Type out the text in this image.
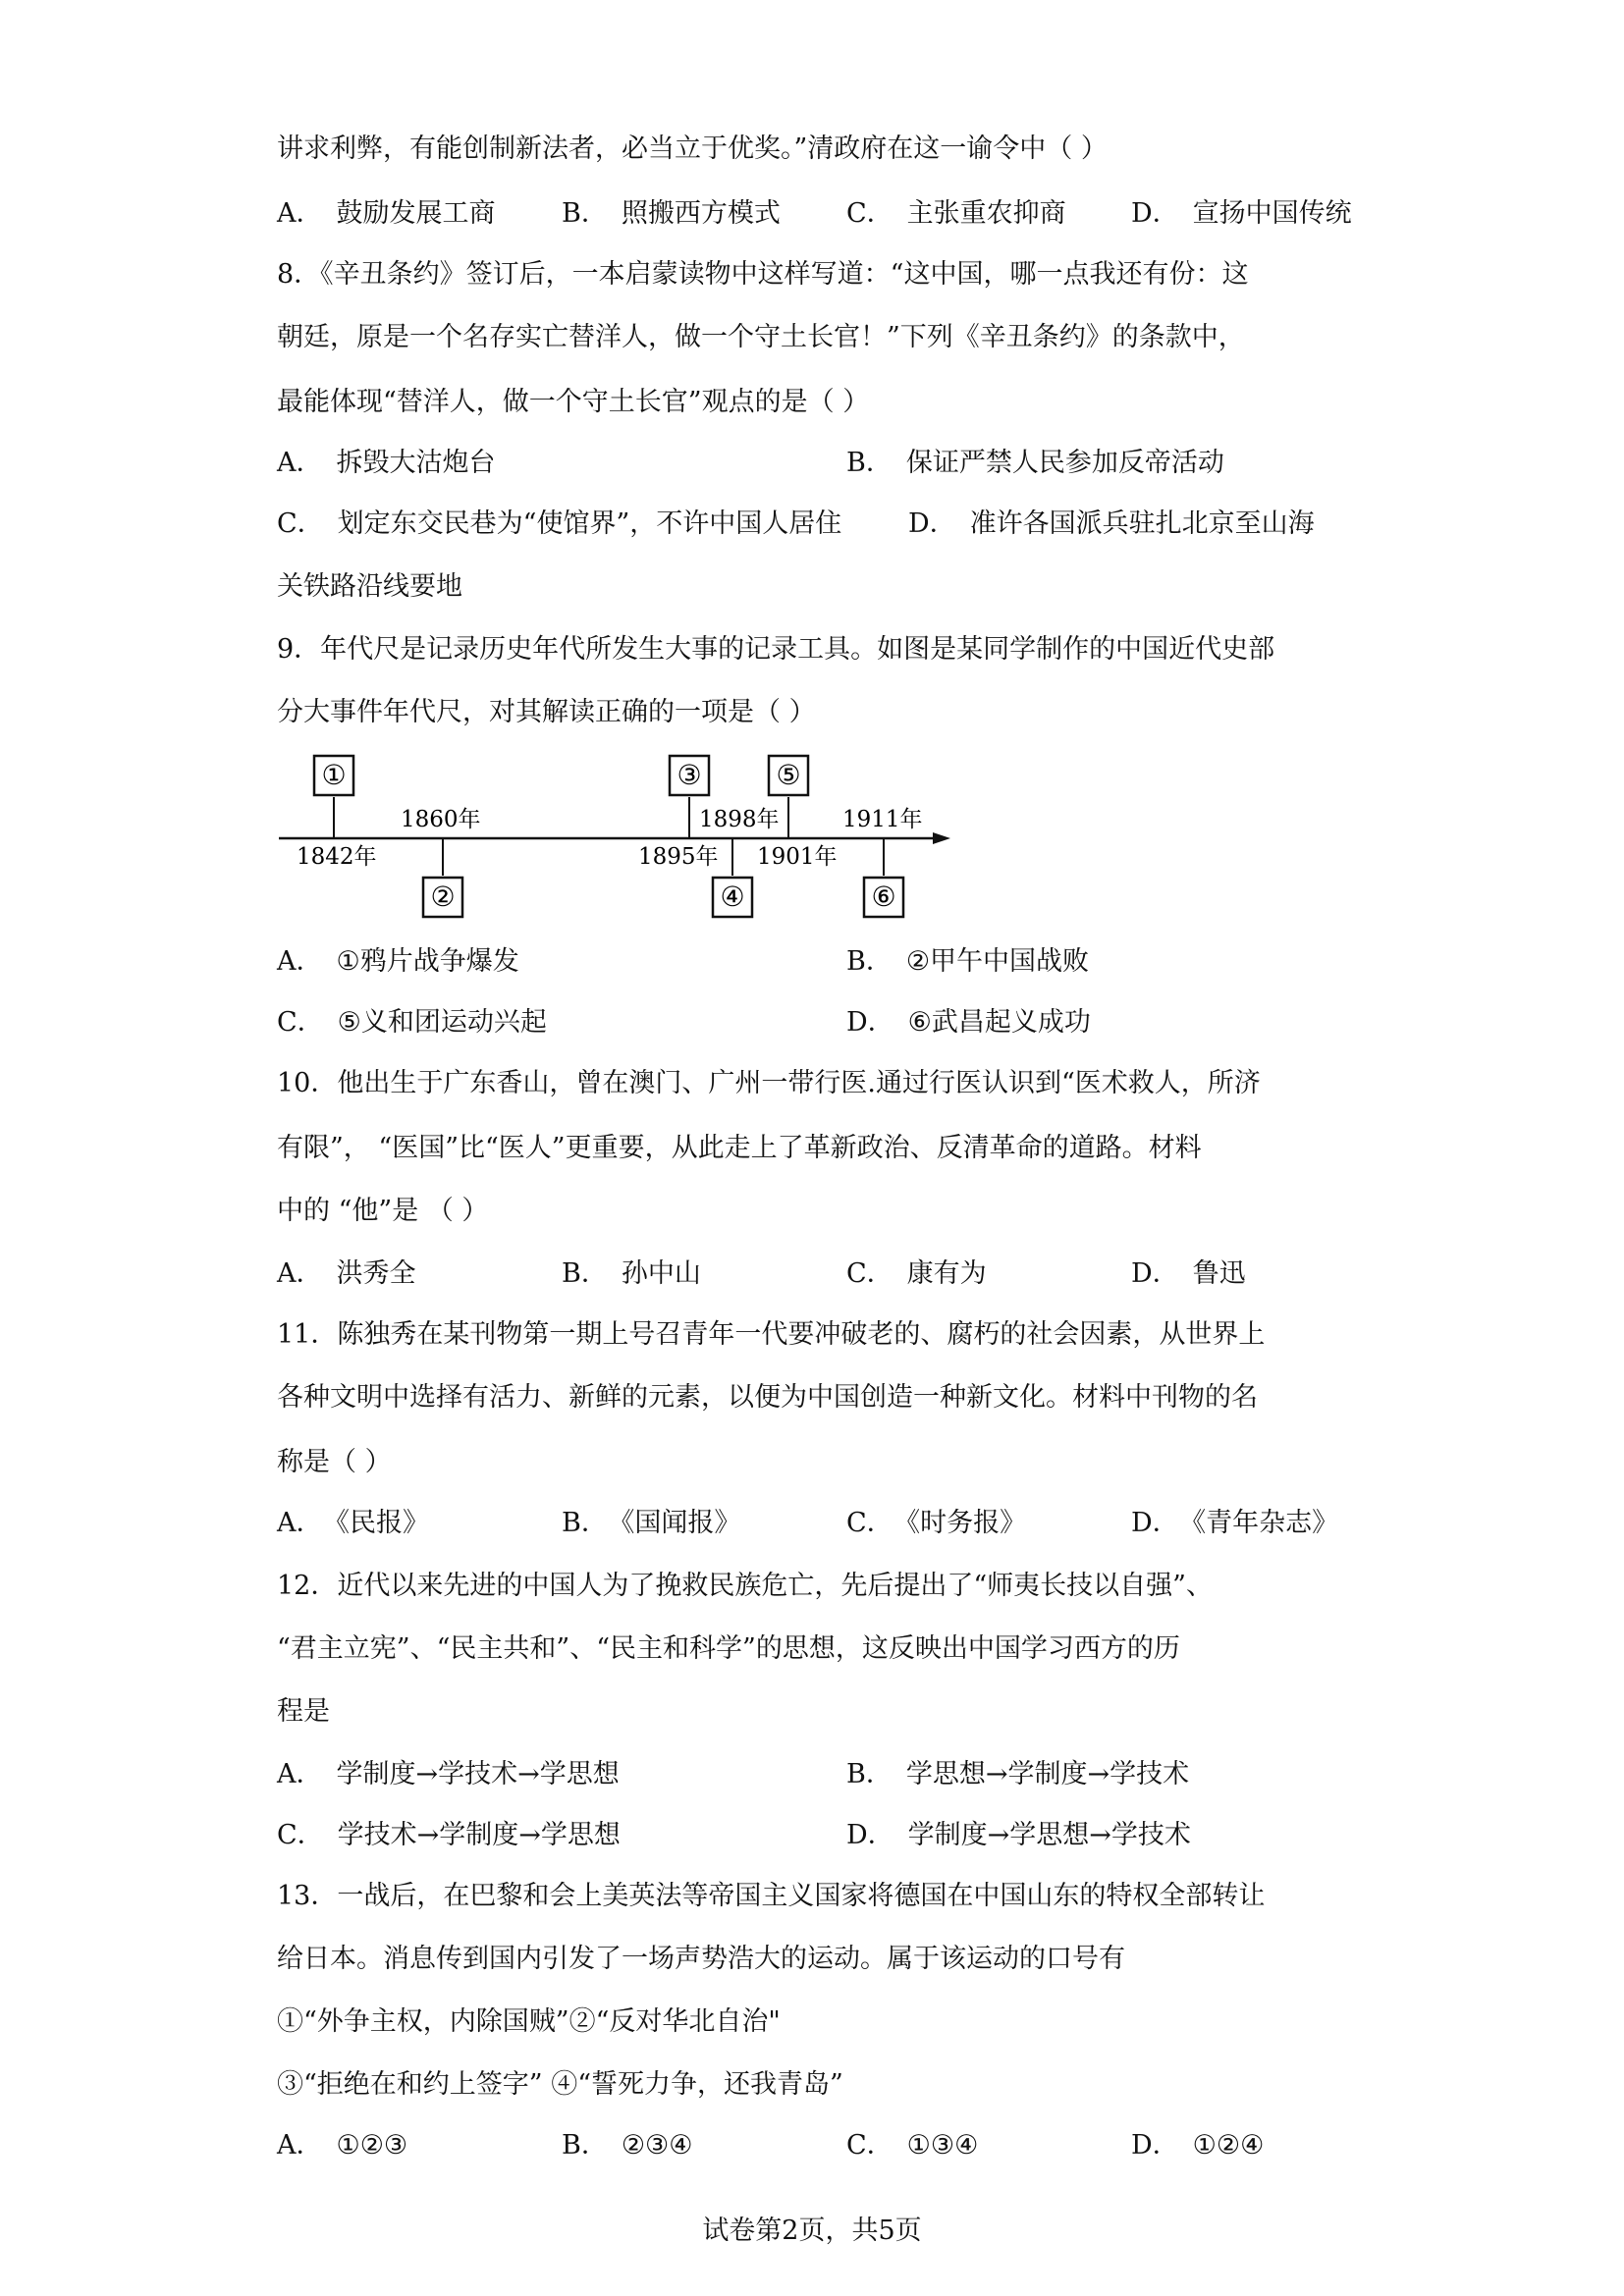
讲求利弊，有能创制新法者，必当立于优奖。”清政府在这一谕令中（ ）
A． 鼓励发展工商	B． 照搬西方模式 C． 主张重农抑商 D． 宣扬中国传统
8．《辛丑条约》签订后，一本启蒙读物中这样写道：“这中国，哪一点我还有份：这
朝廷，原是一个名存实亡替洋人，做一个守土长官！”下列《辛丑条约》的条款中，
最能体现“替洋人，做一个守土长官”观点的是（ ）
A． 拆毁大沽炮台	B． 保证严禁人民参加反帝活动
C． 划定东交民巷为“使馆界”，不许中国人居住	D． 准许各国派兵驻扎北京至山海
关铁路沿线要地
9．年代尺是记录历史年代所发生大事的记录工具。如图是某同学制作的中国近代史部
分大事件年代尺，对其解读正确的一项是（ ）
①
1842年
1860年
②
③
1895年
1898年
④
⑤
1901年
1911年
⑥
A． ①鸦片战争爆发	B． ②甲午中国战败
C． ⑤义和团运动兴起	D． ⑥武昌起义成功
10．他出生于广东香山，曾在澳门、广州一带行医.通过行医认识到“医术救人，所济
有限”， “医国”比“医人”更重要，从此走上了革新政治、反清革命的道路。材料
中的 “他”是 （ ）
A． 洪秀全	B． 孙中山	C． 康有为	D． 鲁迅
11．陈独秀在某刊物第一期上号召青年一代要冲破老的、腐朽的社会因素，从世界上
各种文明中选择有活力、新鲜的元素，以便为中国创造一种新文化。材料中刊物的名
称是（ ）
A． 《民报》	B． 《国闻报》	C． 《时务报》	D． 《青年杂志》
12．近代以来先进的中国人为了挽救民族危亡，先后提出了“师夷长技以自强”、
“君主立宪”、“民主共和”、“民主和科学”的思想，这反映出中国学习西方的历
程是
A． 学制度→学技术→学思想	B． 学思想→学制度→学技术
C． 学技术→学制度→学思想	D． 学制度→学思想→学技术
13．一战后，在巴黎和会上美英法等帝国主义国家将德国在中国山东的特权全部转让
给日本。消息传到国内引发了一场声势浩大的运动。属于该运动的口号有
①“外争主权，内除国贼”②“反对华北自治"
③“拒绝在和约上签字” ④“誓死力争，还我青岛”
A． ①②③	B． ②③④	C． ①③④	D． ①②④
试卷第2页，共5页
